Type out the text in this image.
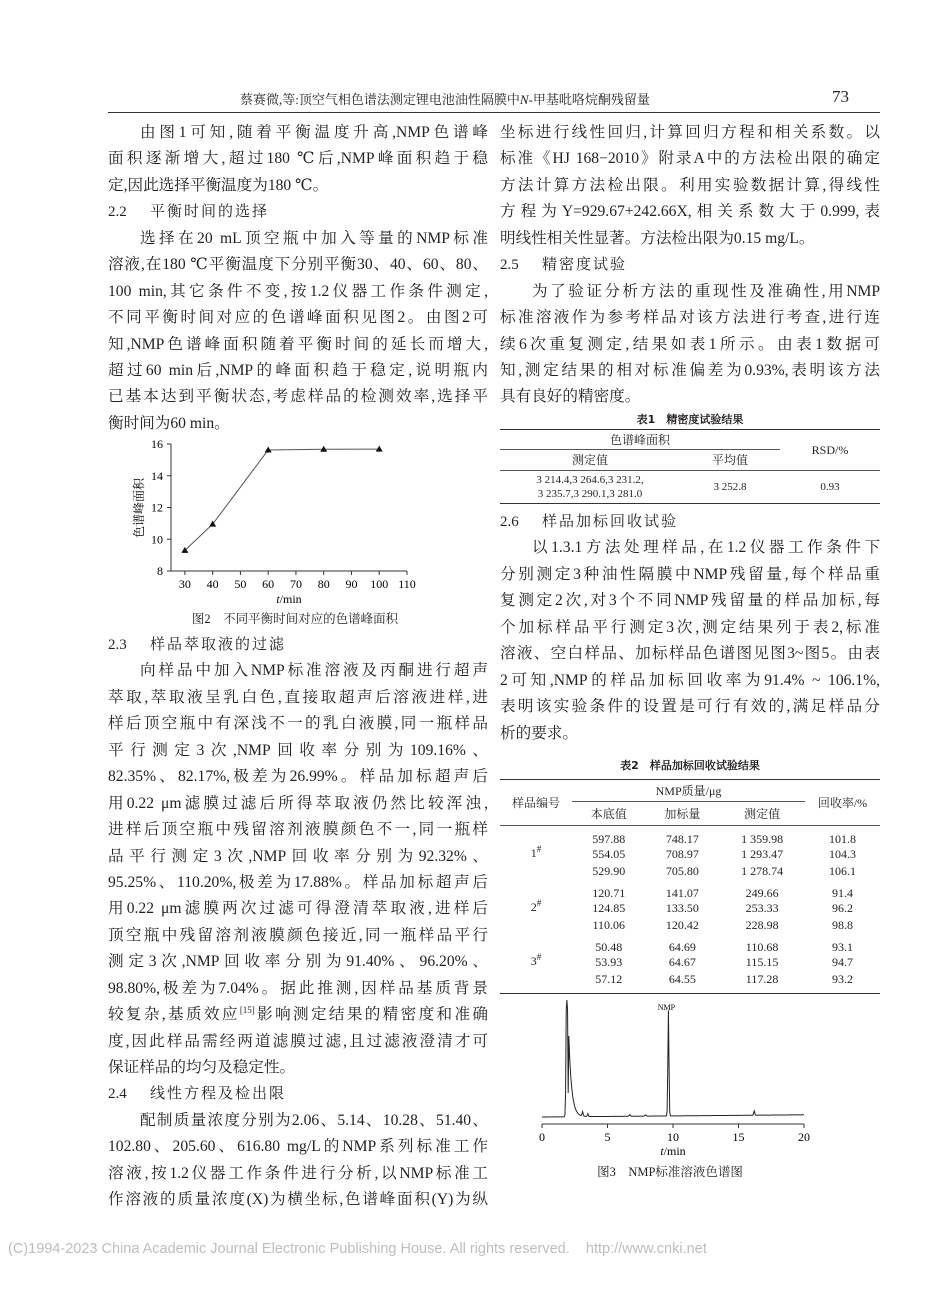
蔡赛微,等:顶空气相色谱法测定锂电池油性隔膜中N-甲基吡咯烷酮残留量	73
由图1可知,随着平衡温度升高,NMP色谱峰
面积逐渐增大,超过180 ℃后,NMP峰面积趋于稳
定,因此选择平衡温度为180 ℃。
2.2 平衡时间的选择
选择在20 mL顶空瓶中加入等量的NMP标准
溶液,在180 ℃平衡温度下分别平衡30、40、60、80、
100 min,其它条件不变,按1.2仪器工作条件测定,
不同平衡时间对应的色谱峰面积见图2。由图2可
知,NMP色谱峰面积随着平衡时间的延长而增大,
超过60 min后,NMP的峰面积趋于稳定,说明瓶内
已基本达到平衡状态,考虑样品的检测效率,选择平
衡时间为60 min。
8
10
12
14
16
30 40 50 60 70 80 90 100 110
t/min
色谱峰面积
图2　不同平衡时间对应的色谱峰面积
2.3 样品萃取液的过滤
向样品中加入NMP标准溶液及丙酮进行超声
萃取,萃取液呈乳白色,直接取超声后溶液进样,进
样后顶空瓶中有深浅不一的乳白液膜,同一瓶样品
平行测定3次,NMP回收率分别为109.16%、
82.35%、82.17%,极差为26.99%。样品加标超声后
用0.22 μm滤膜过滤后所得萃取液仍然比较浑浊,
进样后顶空瓶中残留溶剂液膜颜色不一,同一瓶样
品平行测定3次,NMP回收率分别为92.32%、
95.25%、110.20%,极差为17.88%。样品加标超声后
用0.22 μm滤膜两次过滤可得澄清萃取液,进样后
顶空瓶中残留溶剂液膜颜色接近,同一瓶样品平行
测定3次,NMP回收率分别为91.40%、96.20%、
98.80%,极差为7.04%。据此推测,因样品基质背景
较复杂,基质效应[15]影响测定结果的精密度和准确
度,因此样品需经两道滤膜过滤,且过滤液澄清才可
保证样品的均匀及稳定性。
2.4 线性方程及检出限
配制质量浓度分别为2.06、5.14、10.28、51.40、
102.80、205.60、616.80 mg/L的NMP系列标准工作
溶液,按1.2仪器工作条件进行分析,以NMP标准工
作溶液的质量浓度(X)为横坐标,色谱峰面积(Y)为纵
坐标进行线性回归,计算回归方程和相关系数。以
标准《HJ 168−2010》附录A中的方法检出限的确定
方法计算方法检出限。利用实验数据计算,得线性
方程为Y=929.67+242.66X,相关系数大于0.999,表
明线性相关性显著。方法检出限为0.15 mg/L。
2.5 精密度试验
为了验证分析方法的重现性及准确性,用NMP
标准溶液作为参考样品对该方法进行考查,进行连
续6次重复测定,结果如表1所示。由表1数据可
知,测定结果的相对标准偏差为0.93%,表明该方法
具有良好的精密度。
表1　精密度试验结果
色谱峰面积		RSD/%
测定值	平均值	

3 214.4,3 264.6,3 231.2,
3 235.7,3 290.1,3 281.0	3 252.8	0.93
2.6 样品加标回收试验
以1.3.1方法处理样品,在1.2仪器工作条件下
分别测定3种油性隔膜中NMP残留量,每个样品重
复测定2次,对3个不同NMP残留量的样品加标,每
个加标样品平行测定3次,测定结果列于表2,标准
溶液、空白样品、加标样品色谱图见图3~图5。由表
2可知,NMP的样品加标回收率为91.4% ~ 106.1%,
表明该实验条件的设置是可行有效的,满足样品分
析的要求。
表2　样品加标回收试验结果
样品编号	NMP质量/μg			回收率/%
	本底值	加标量	测定值	
1#	597.88	748.17	1 359.98	101.8
	554.05	708.97	1 293.47	104.3
	529.90	705.80	1 278.74	106.1
2#	120.71	141.07	249.66	91.4
	124.85	133.50	253.33	96.2
	110.06	120.42	228.98	98.8
3#	50.48	64.69	110.68	93.1
	53.93	64.67	115.15	94.7
	57.12	64.55	117.28	93.2

0	5	10	15	20
t/min
NMP
图3　NMP标准溶液色谱图
(C)1994-2023 China Academic Journal Electronic Publishing House. All rights reserved. http://www.cnki.net
